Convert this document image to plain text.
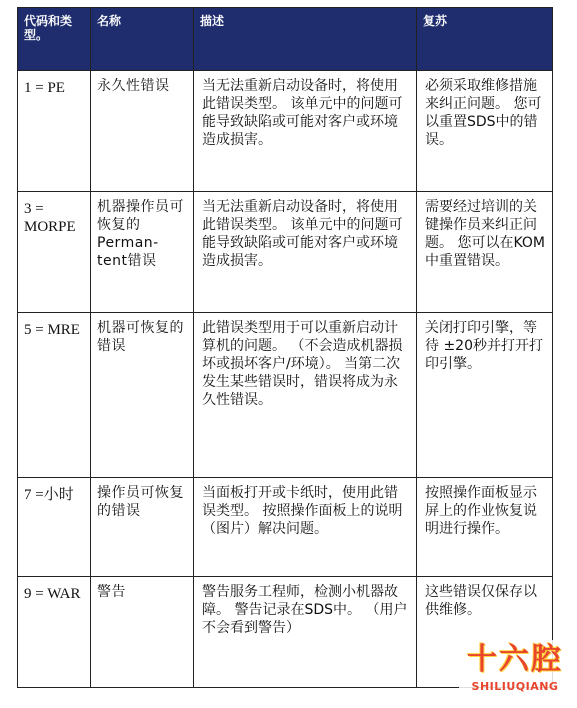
代码和类型。	名称	描述	复苏
1 = PE	永久性错误	当无法重新启动设备时，将使用此错误类型。 该单元中的问题可能导致缺陷或可能对客户或环境造成损害。	必须采取维修措施来纠正问题。 您可以重置SDS中的错误。
3 = MORPE	机器操作员可恢复的Perman-tent错误	当无法重新启动设备时，将使用此错误类型。 该单元中的问题可能导致缺陷或可能对客户或环境造成损害。	需要经过培训的关键操作员来纠正问题。 您可以在KOM中重置错误。
5 = MRE	机器可恢复的错误	此错误类型用于可以重新启动计算机的问题。 （不会造成机器损坏或损坏客户/环境）。 当第二次发生某些错误时，错误将成为永久性错误。	关闭打印引擎，等待 ±20秒并打开打印引擎。
7 =小时	操作员可恢复的错误	当面板打开或卡纸时，使用此错误类型。 按照操作面板上的说明（图片）解决问题。	按照操作面板显示屏上的作业恢复说明进行操作。
9 = WAR	警告	警告服务工程师，检测小机器故障。 警告记录在SDS中。 （用户不会看到警告）	这些错误仅保存以供维修。
十六腔
SHILIUQIANG
